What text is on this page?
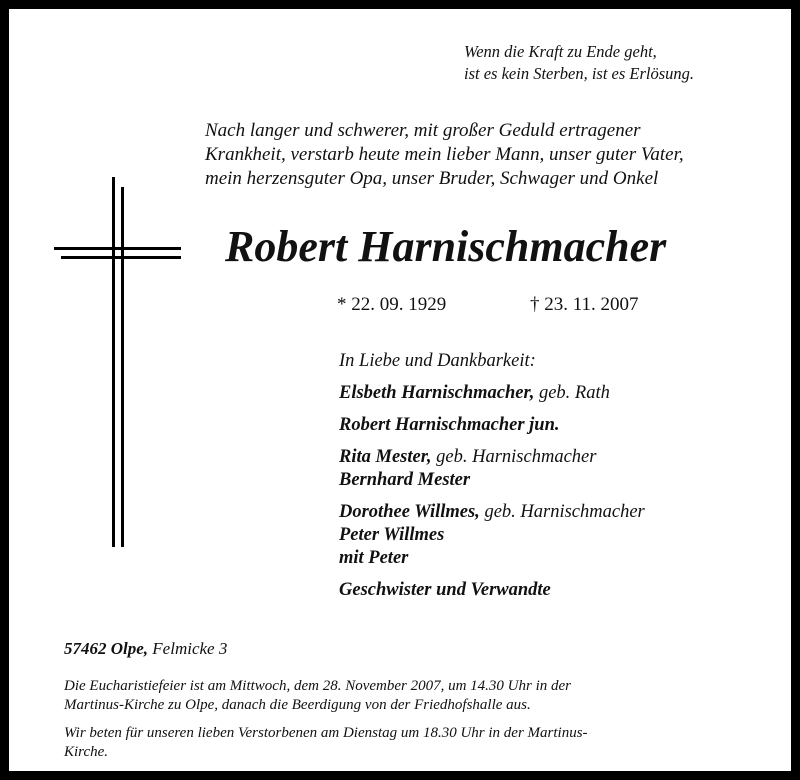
Wenn die Kraft zu Ende geht,
ist es kein Sterben, ist es Erlösung.
Nach langer und schwerer, mit großer Geduld ertragener
Krankheit, verstarb heute mein lieber Mann, unser guter Vater,
mein herzensguter Opa, unser Bruder, Schwager und Onkel
Robert Harnischmacher
* 22. 09. 1929	† 23. 11. 2007
In Liebe und Dankbarkeit:
Elsbeth Harnischmacher, geb. Rath
Robert Harnischmacher jun.
Rita Mester, geb. Harnischmacher
Bernhard Mester
Dorothee Willmes, geb. Harnischmacher
Peter Willmes
mit Peter
Geschwister und Verwandte
57462 Olpe, Felmicke 3
Die Eucharistiefeier ist am Mittwoch, dem 28. November 2007, um 14.30 Uhr in der
Martinus-Kirche zu Olpe, danach die Beerdigung von der Friedhofshalle aus.
Wir beten für unseren lieben Verstorbenen am Dienstag um 18.30 Uhr in der Martinus-
Kirche.
